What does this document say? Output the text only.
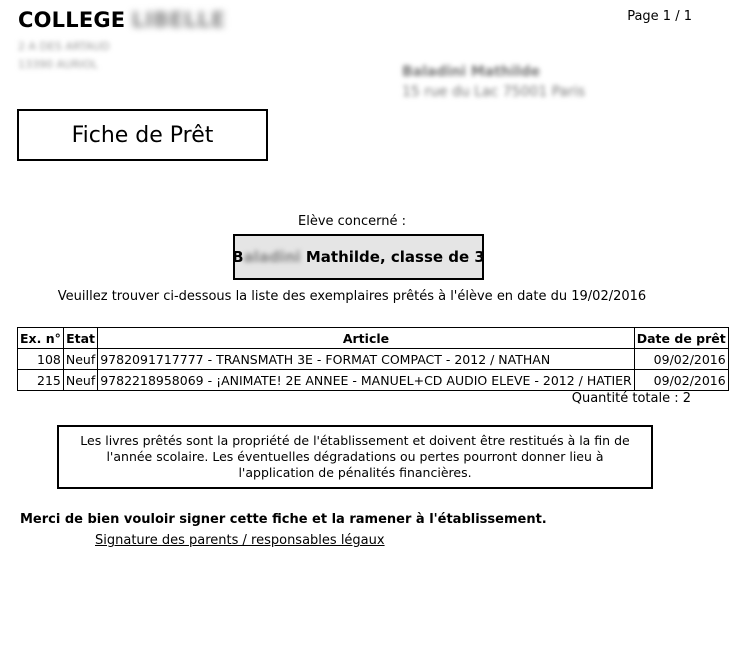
COLLEGE LIBELLE
2 A DES ARTAUD
13390 AURIOL
Page 1 / 1
Baladini Mathilde
15 rue du Lac 75001 Paris
Fiche de Prêt
Elève concerné :
B aladini Mathilde, classe de 3
Veuillez trouver ci-dessous la liste des exemplaires prêtés à l'élève en date du 19/02/2016
Ex. n°	Etat	Article	Date de prêt
108	Neuf	9782091717777 - TRANSMATH 3E - FORMAT COMPACT - 2012 / NATHAN	09/02/2016
215	Neuf	9782218958069 - ¡ANIMATE! 2E ANNEE - MANUEL+CD AUDIO ELEVE - 2012 / HATIER	09/02/2016
Quantité totale : 2
Les livres prêtés sont la propriété de l'établissement et doivent être restitués à la fin de l'année scolaire. Les éventuelles dégradations ou pertes pourront donner lieu à l'application de pénalités financières.
Merci de bien vouloir signer cette fiche et la ramener à l'établissement.
Signature des parents / responsables légaux
